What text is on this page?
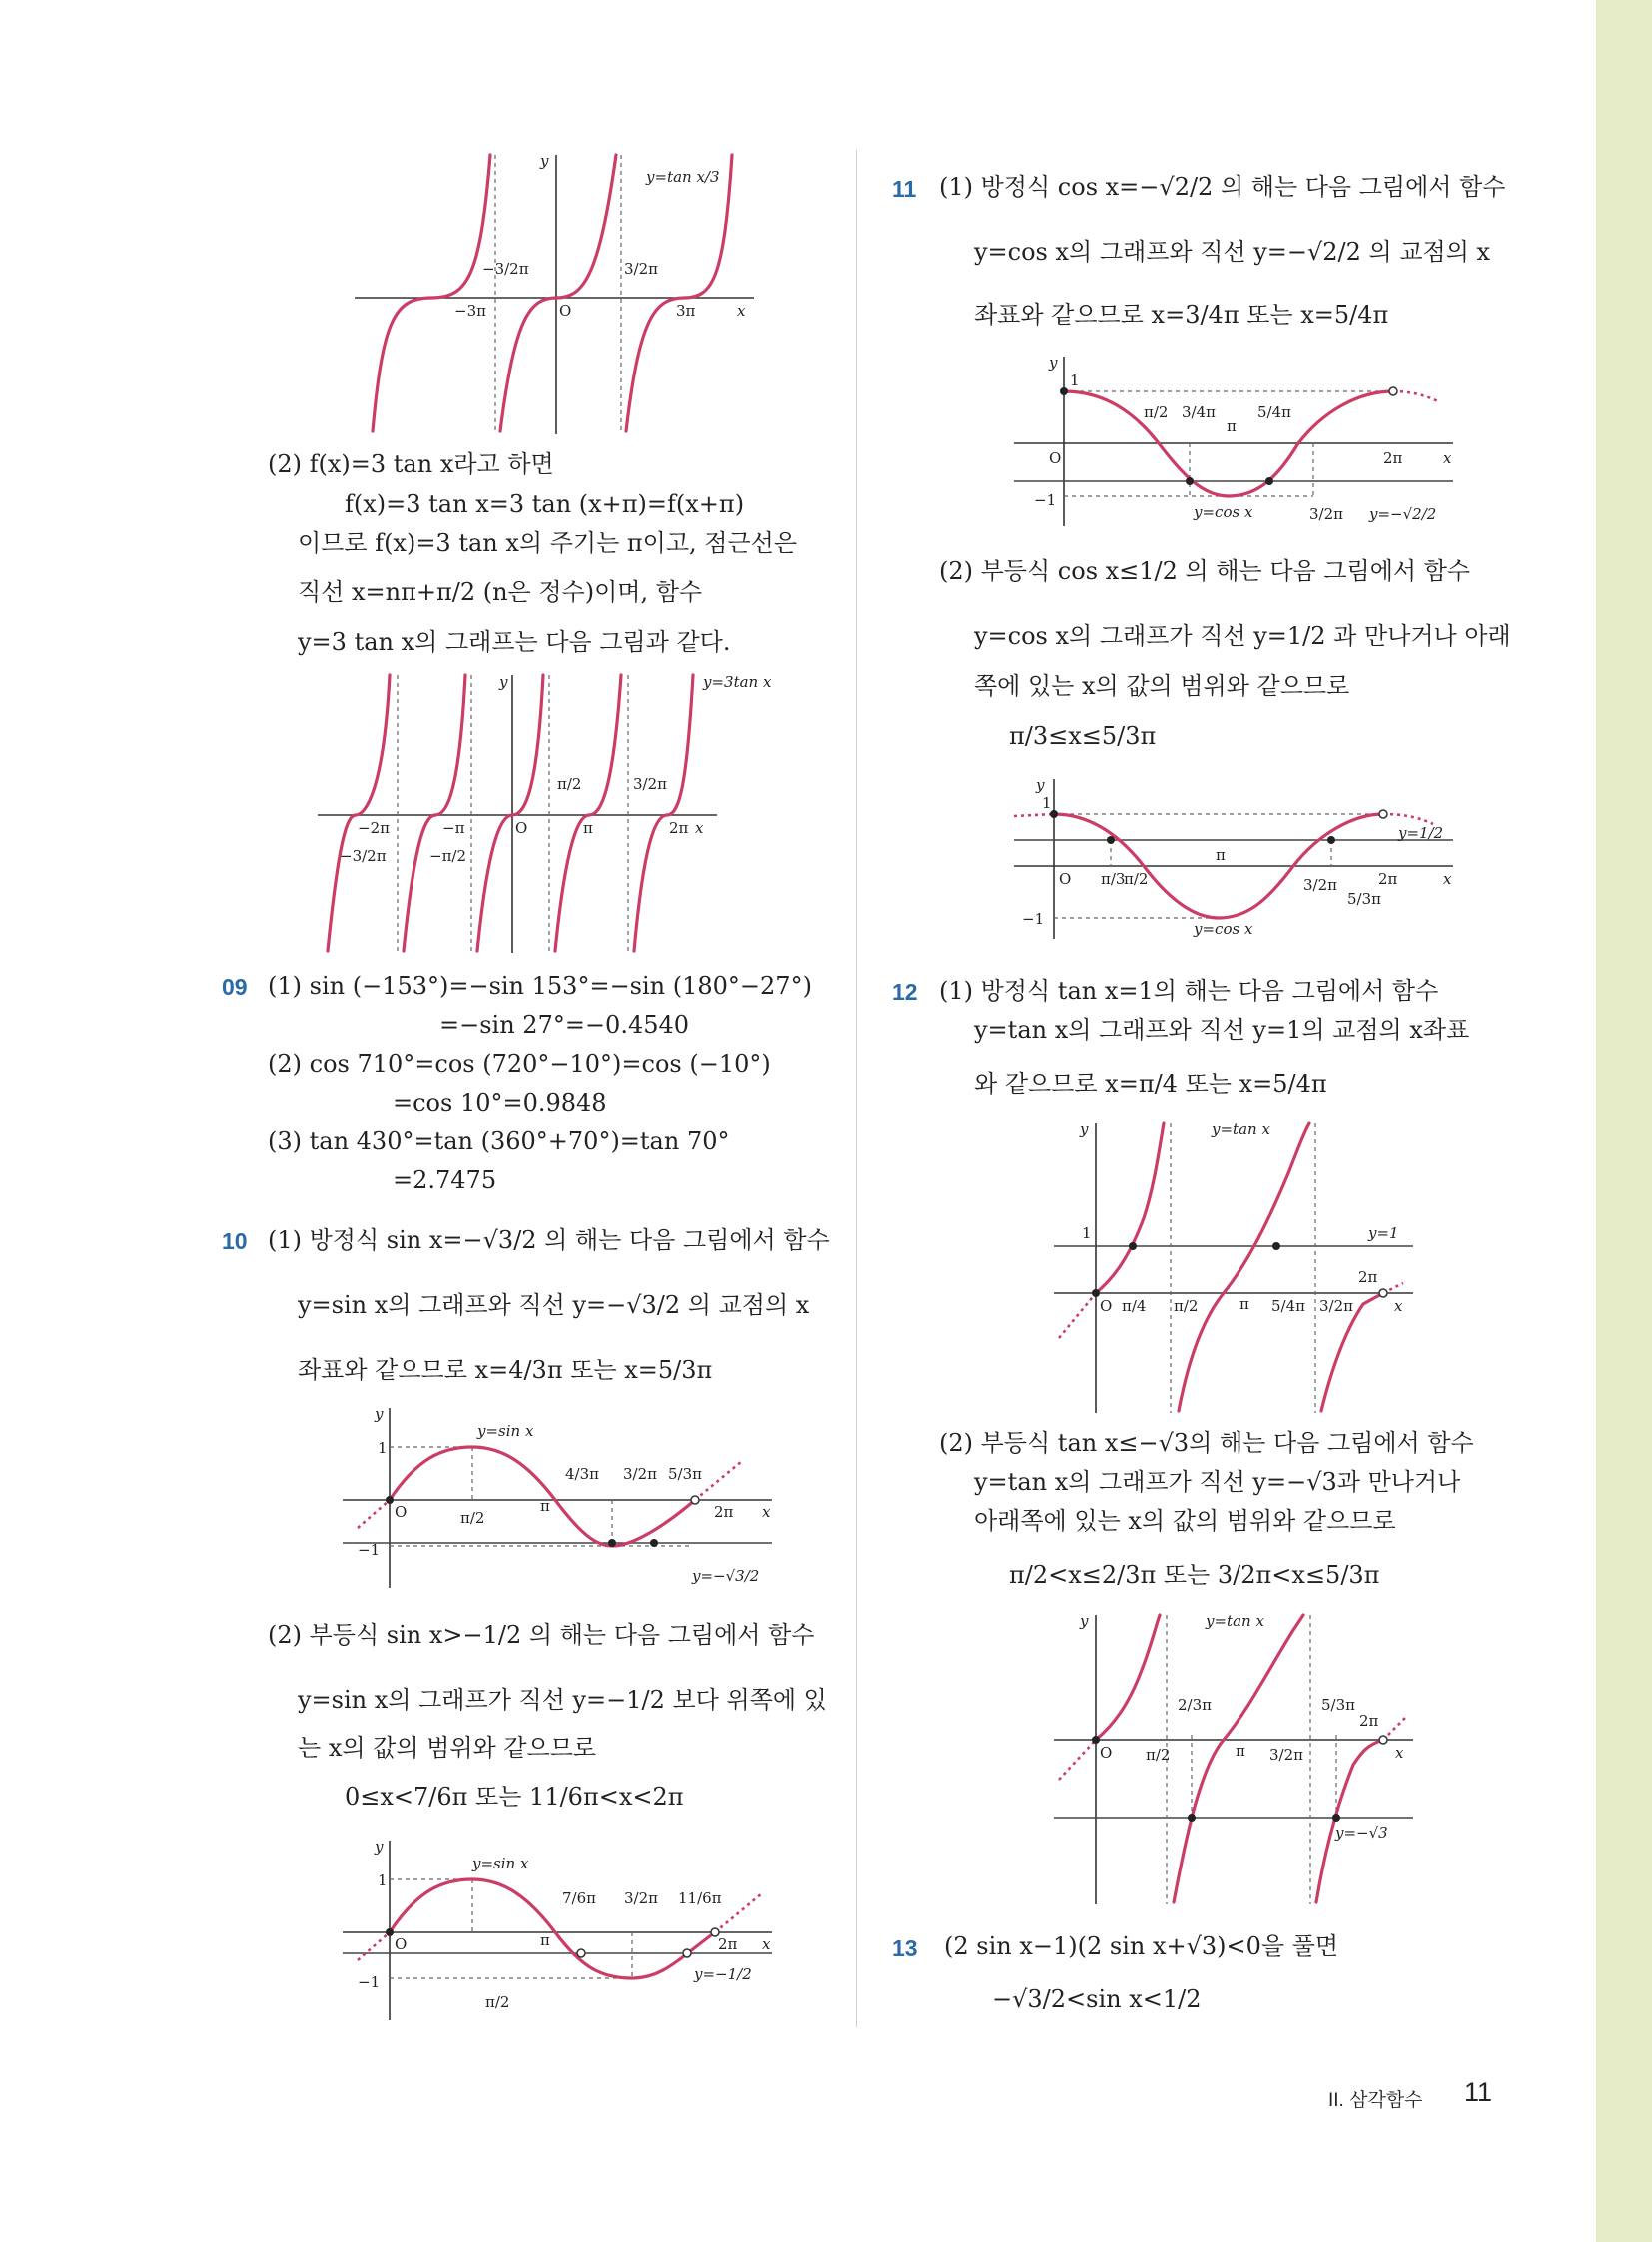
y
y=tan x/3
−3/2π	3/2π
−3π	O	3π	x
(2) f(x)=3 tan x라고 하면
f(x)=3 tan x=3 tan (x+π)=f(x+π)
이므로 f(x)=3 tan x의 주기는 π이고, 점근선은
직선 x=nπ+π/2 (n은 정수)이며, 함수
y=3 tan x의 그래프는 다음 그림과 같다.
y	y=3tan x
π/2	3/2π
−2π	−π	O	π	2π x
−3/2π	−π/2
09 (1) sin (−153°)=−sin 153°=−sin (180°−27°)
=−sin 27°=−0.4540
(2) cos 710°=cos (720°−10°)=cos (−10°)
=cos 10°=0.9848
(3) tan 430°=tan (360°+70°)=tan 70°
=2.7475
10 (1) 방정식 sin x=−√3/2 의 해는 다음 그림에서 함수
y=sin x의 그래프와 직선 y=−√3/2 의 교점의 x
좌표와 같으므로 x=4/3π 또는 x=5/3π
y
1
O
−1
x
y=sin x
π/2
4/3π
π
3/2π 5/3π
2π
y=−√3/2
(2) 부등식 sin x>−1/2 의 해는 다음 그림에서 함수
y=sin x의 그래프가 직선 y=−1/2 보다 위쪽에 있
는 x의 값의 범위와 같으므로
0≤x<7/6π 또는 11/6π<x<2π
y
1
O
−1
x
y=sin x
7/6π 3/2π 11/6π
π	2π
y=−1/2
π/2
11 (1) 방정식 cos x=−√2/2 의 해는 다음 그림에서 함수
y=cos x의 그래프와 직선 y=−√2/2 의 교점의 x
좌표와 같으므로 x=3/4π 또는 x=5/4π
y
1
O
−1
x
π/2 3/4π
π
5/4π
2π
y=cos x	3/2π y=−√2/2
(2) 부등식 cos x≤1/2 의 해는 다음 그림에서 함수
y=cos x의 그래프가 직선 y=1/2 과 만나거나 아래
쪽에 있는 x의 값의 범위와 같으므로
π/3≤x≤5/3π
y
1
O
−1
x
π/3
π/2
π
3/2π	2π
5/3π
y=1/2
y=cos x
12 (1) 방정식 tan x=1의 해는 다음 그림에서 함수
y=tan x의 그래프와 직선 y=1의 교점의 x좌표
와 같으므로 x=π/4 또는 x=5/4π
y	y=tan x
1	y=1
2π
O π/4 π/2	π 5/4π 3/2π	x
(2) 부등식 tan x≤−√3의 해는 다음 그림에서 함수
y=tan x의 그래프가 직선 y=−√3과 만나거나
아래쪽에 있는 x의 값의 범위와 같으므로
π/2<x≤2/3π 또는 3/2π<x≤5/3π
y	y=tan x
2/3π	5/3π
2π
O π/2	π 3/2π	x
y=−√3
13 (2 sin x−1)(2 sin x+√3)<0을 풀면
−√3/2<sin x<1/2
II. 삼각함수 11
